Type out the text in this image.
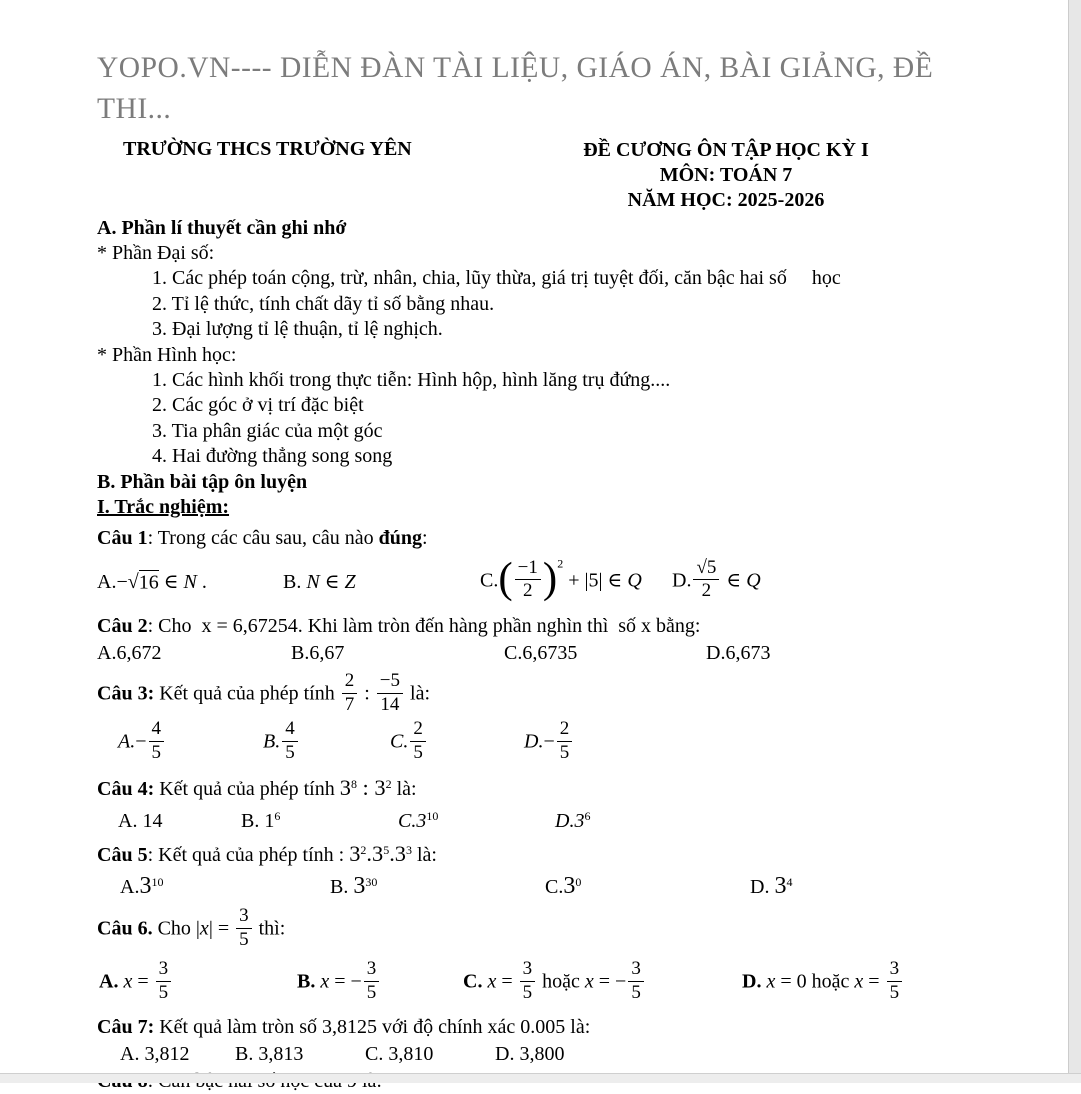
YOPO.VN---- DIỄN ĐÀN TÀI LIỆU, GIÁO ÁN, BÀI GIẢNG, ĐỀ THI...
TRƯỜNG THCS TRƯỜNG YÊN	ĐỀ CƯƠNG ÔN TẬP HỌC KỲ I
MÔN: TOÁN 7
NĂM HỌC: 2025-2026
A. Phần lí thuyết cần ghi nhớ
* Phần Đại số:
1. Các phép toán cộng, trừ, nhân, chia, lũy thừa, giá trị tuyệt đối, căn bậc hai số     học
2. Tỉ lệ thức, tính chất dãy tỉ số bằng nhau.
3. Đại lượng tỉ lệ thuận, tỉ lệ nghịch.
* Phần Hình học:
1. Các hình khối trong thực tiễn: Hình hộp, hình lăng trụ đứng....
2. Các góc ở vị trí đặc biệt
3. Tia phân giác của một góc
4. Hai đường thẳng song song
B. Phần bài tập ôn luyện
I. Trắc nghiệm:
Câu 1: Trong các câu sau, câu nào đúng:
A.−√16 ∈ N .	B. N ∈ Z	$C.( \frac{-1}{2} )^2 + |5|$ ∈ Q	D. $\frac{√5}{2}$ ∈ Q
Câu 2: Cho  x = 6,67254. Khi làm tròn đến hàng phần nghìn thì  số x bằng:
A.6,672	B.6,67	C.6,6735	D.6,673
Câu 3: Kết quả của phép tính $\frac{2}{7}$ : $\frac{-5}{14}$ là:
$A.- \frac{4}{5}$	B. $\frac{4}{5}$	C. $\frac{2}{5}$	$D.- \frac{2}{5}$
Câu 4: Kết quả của phép tính $3^8$ : $3^2$ là:
A. 14	B. $1^6$	$C.3^{10}$	$D.3^6$
Câu 5: Kết quả của phép tính : $3^2.3^5.3^3$ là:
$A.3^{10}$	B. $3^{30}$	$C.3^0$	D. $3^4$
Câu 6. Cho $|x| = \frac{3}{5}$ thì:
A. $x = \frac{3}{5}$	B. x = − $\frac{3}{5}$	C. $x = \frac{3}{5}$ hoặc x = − $\frac{3}{5}$	D. x = 0 hoặc $x = \frac{3}{5}$
Câu 7: Kết quả làm tròn số 3,8125 với độ chính xác 0.005 là:
A. 3,812	B. 3,813	C. 3,810	D. 3,800
